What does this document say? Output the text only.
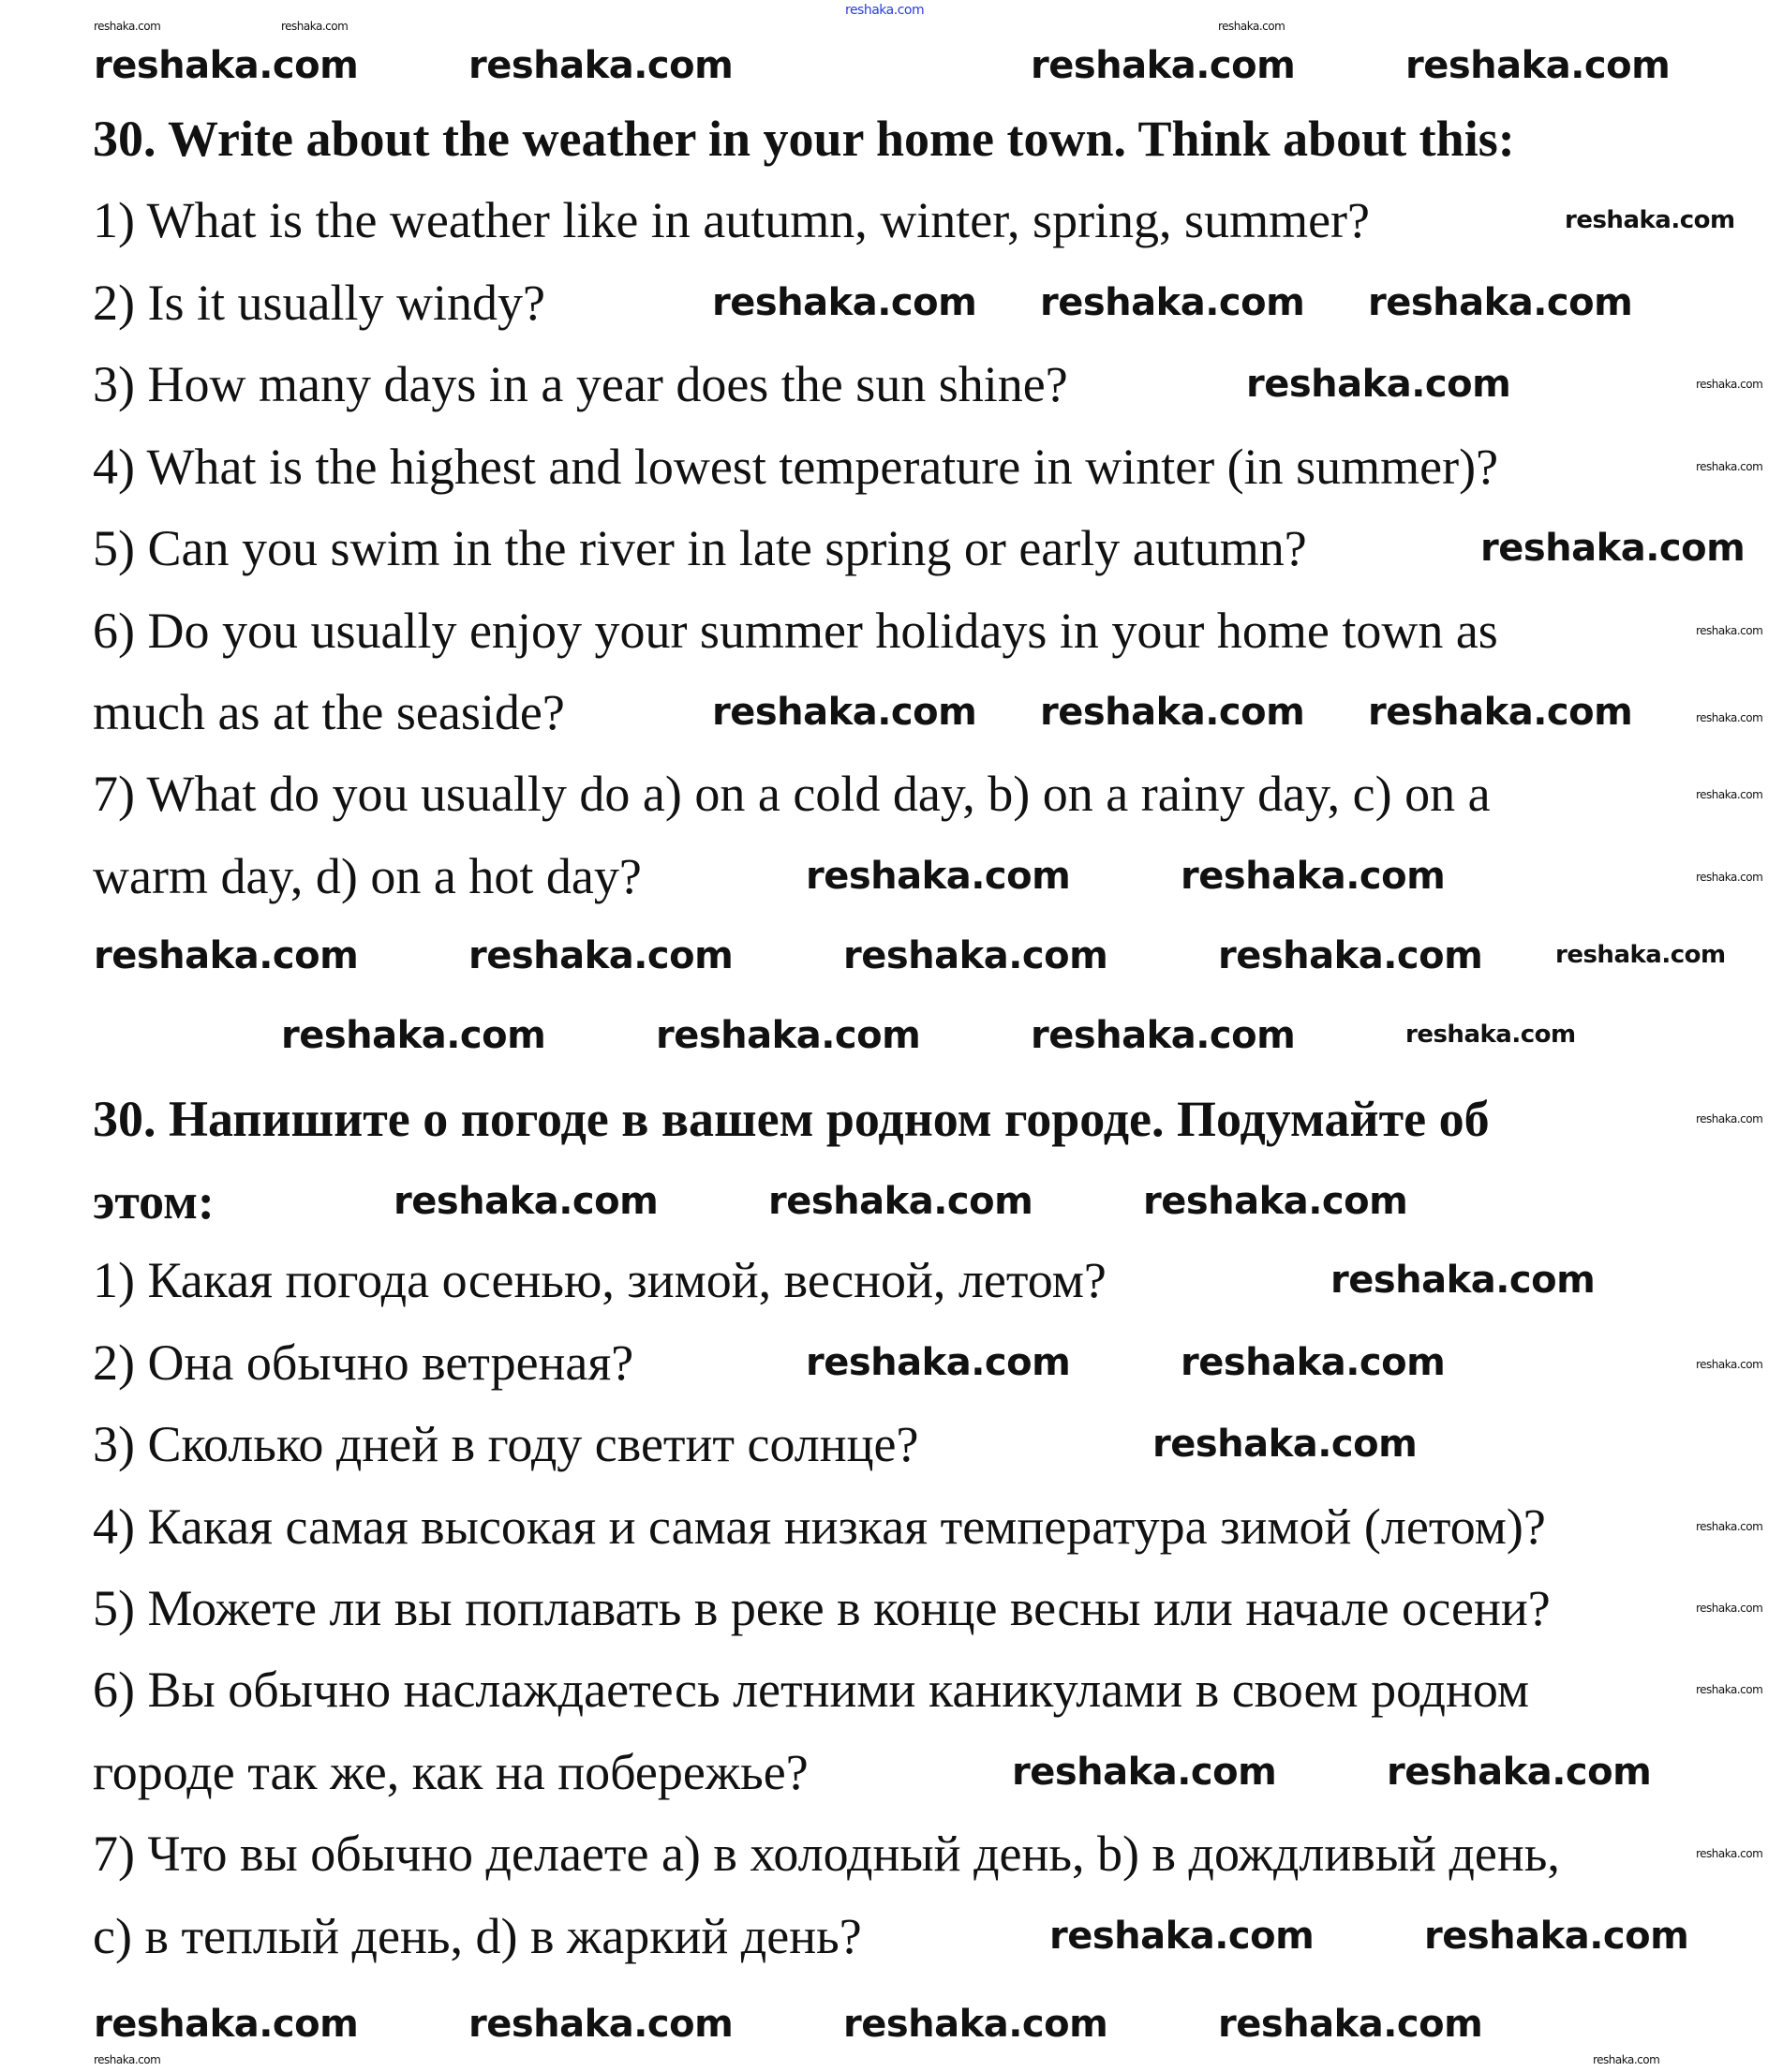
30. Write about the weather in your home town. Think about this:
1) What is the weather like in autumn, winter, spring, summer?
2) Is it usually windy?
3) How many days in a year does the sun shine?
4) What is the highest and lowest temperature in winter (in summer)?
5) Can you swim in the river in late spring or early autumn?
6) Do you usually enjoy your summer holidays in your home town as
much as at the seaside?
7) What do you usually do a) on a cold day, b) on a rainy day, c) on a
warm day, d) on a hot day?
30. Напишите о погоде в вашем родном городе. Подумайте об
этом:
1) Какая погода осенью, зимой, весной, летом?
2) Она обычно ветреная?
3) Сколько дней в году светит солнце?
4) Какая самая высокая и самая низкая температура зимой (летом)?
5) Можете ли вы поплавать в реке в конце весны или начале осени?
6) Вы обычно наслаждаетесь летними каникулами в своем родном
городе так же, как на побережье?
7) Что вы обычно делаете a) в холодный день, b) в дождливый день,
c) в теплый день, d) в жаркий день?
reshaka.com
reshaka.com	reshaka.com	reshaka.com
reshaka.com	reshaka.com	reshaka.com	reshaka.com
reshaka.com
reshaka.com reshaka.com reshaka.com
reshaka.com	reshaka.com
reshaka.com
reshaka.com
reshaka.com
reshaka.com reshaka.com reshaka.com	reshaka.com
reshaka.com
reshaka.com	reshaka.com	reshaka.com
reshaka.com	reshaka.com	reshaka.com	reshaka.com	reshaka.com
reshaka.com	reshaka.com	reshaka.com	reshaka.com
reshaka.com
reshaka.com	reshaka.com	reshaka.com
reshaka.com
reshaka.com	reshaka.com	reshaka.com
reshaka.com
reshaka.com
reshaka.com
reshaka.com
reshaka.com	reshaka.com
reshaka.com
reshaka.com	reshaka.com
reshaka.com	reshaka.com	reshaka.com	reshaka.com
reshaka.com	reshaka.com
